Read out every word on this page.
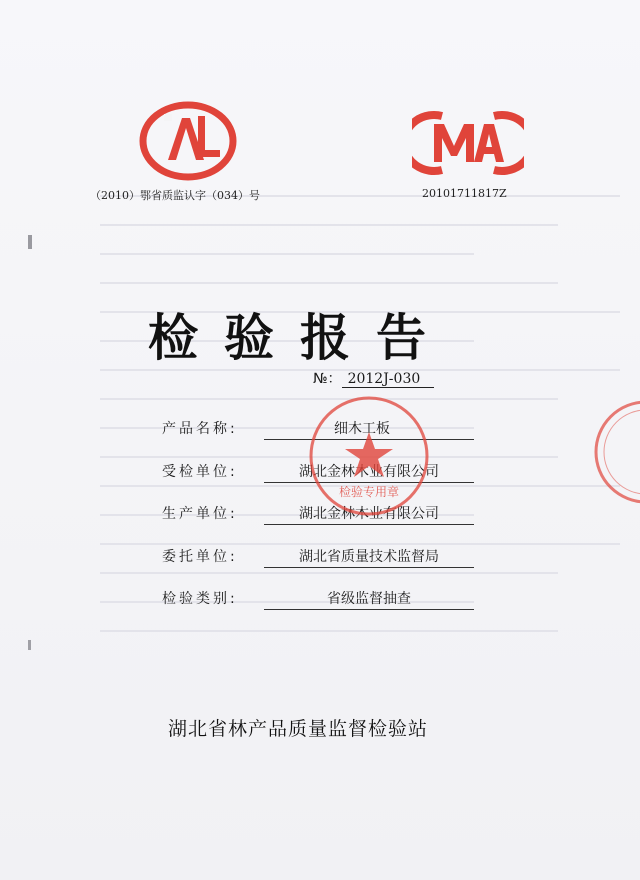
（2010）鄂省质监认字（034）号	20101711817Z
检验报告
№： 2012J-030
产品名称:	细木工板
受检单位:	湖北金林木业有限公司
生产单位:	湖北金林木业有限公司
委托单位:	湖北省质量技术监督局
检验类别:	省级监督抽查
检验专用章
湖北省林产品质量监督检验站
